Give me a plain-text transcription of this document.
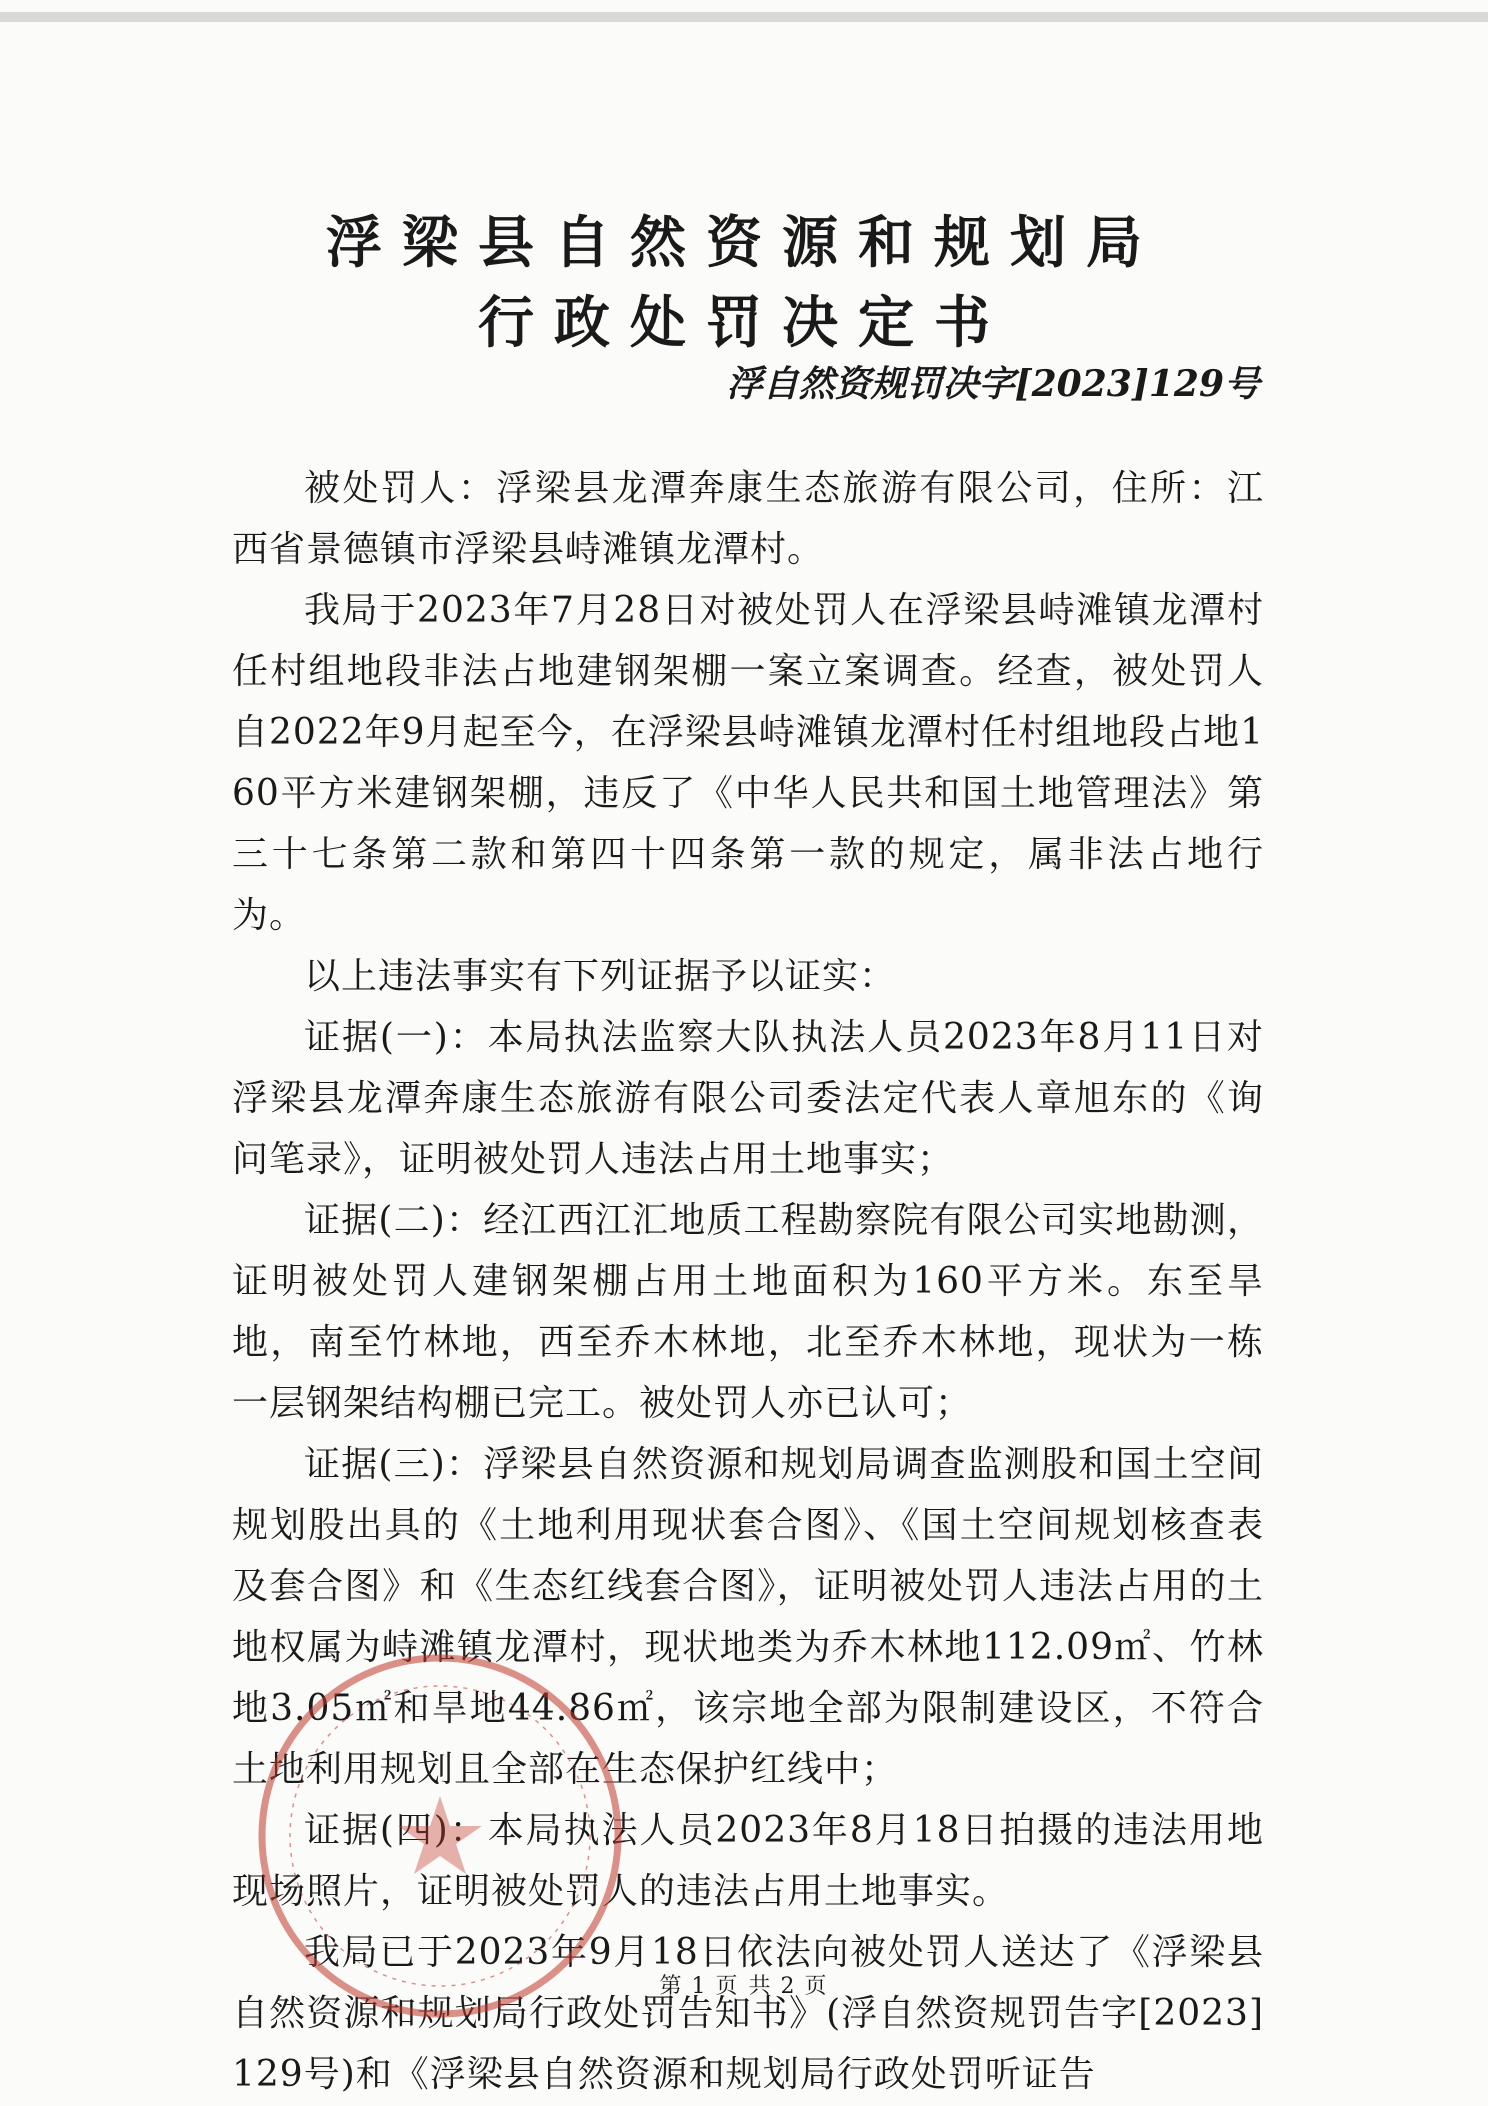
浮梁县自然资源和规划局
行政处罚决定书
浮自然资规罚决字[2023]129号

被处罚人：浮梁县龙潭奔康生态旅游有限公司，住所：江西省景德镇市浮梁县峙滩镇龙潭村。

我局于2023年7月28日对被处罚人在浮梁县峙滩镇龙潭村任村组地段非法占地建钢架棚一案立案调查。经查，被处罚人自2022年9月起至今，在浮梁县峙滩镇龙潭村任村组地段占地160平方米建钢架棚，违反了《中华人民共和国土地管理法》第三十七条第二款和第四十四条第一款的规定，属非法占地行为。

以上违法事实有下列证据予以证实：

证据(一)：本局执法监察大队执法人员2023年8月11日对浮梁县龙潭奔康生态旅游有限公司委法定代表人章旭东的《询问笔录》，证明被处罚人违法占用土地事实；

证据(二)：经江西江汇地质工程勘察院有限公司实地勘测，证明被处罚人建钢架棚占用土地面积为160平方米。东至旱地，南至竹林地，西至乔木林地，北至乔木林地，现状为一栋一层钢架结构棚已完工。被处罚人亦已认可；

证据(三)：浮梁县自然资源和规划局调查监测股和国土空间规划股出具的《土地利用现状套合图》、《国土空间规划核查表及套合图》和《生态红线套合图》，证明被处罚人违法占用的土地权属为峙滩镇龙潭村，现状地类为乔木林地112.09㎡、竹林地3.05㎡和旱地44.86㎡，该宗地全部为限制建设区，不符合土地利用规划且全部在生态保护红线中；

证据(四)：本局执法人员2023年8月18日拍摄的违法用地现场照片，证明被处罚人的违法占用土地事实。

我局已于2023年9月18日依法向被处罚人送达了《浮梁县自然资源和规划局行政处罚告知书》(浮自然资规罚告字[2023]129号)和《浮梁县自然资源和规划局行政处罚听证告

第 1 页 共 2 页
